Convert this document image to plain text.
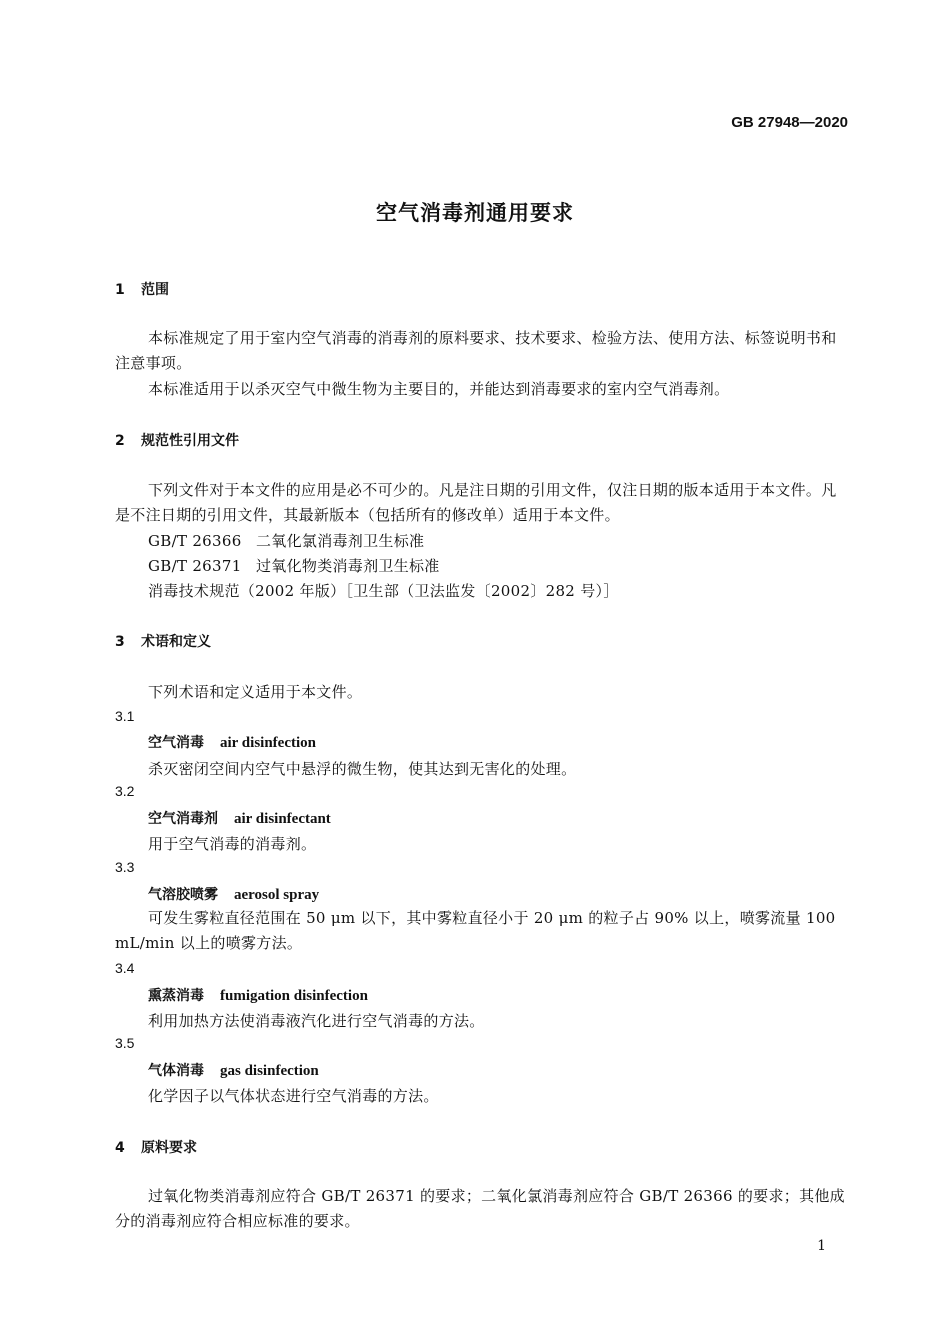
GB 27948—2020
空气消毒剂通用要求
1 范围
本标准规定了用于室内空气消毒的消毒剂的原料要求、技术要求、检验方法、使用方法、标签说明书和注意事项。
本标准适用于以杀灭空气中微生物为主要目的，并能达到消毒要求的室内空气消毒剂。
2 规范性引用文件
下列文件对于本文件的应用是必不可少的。凡是注日期的引用文件，仅注日期的版本适用于本文件。凡是不注日期的引用文件，其最新版本（包括所有的修改单）适用于本文件。
GB/T 26366 二氧化氯消毒剂卫生标准
GB/T 26371 过氧化物类消毒剂卫生标准
消毒技术规范（2002 年版）［卫生部（卫法监发〔2002〕282 号）］
3 术语和定义
下列术语和定义适用于本文件。
3.1
空气消毒 air disinfection
杀灭密闭空间内空气中悬浮的微生物，使其达到无害化的处理。
3.2
空气消毒剂 air disinfectant
用于空气消毒的消毒剂。
3.3
气溶胶喷雾 aerosol spray
可发生雾粒直径范围在 50 μm 以下，其中雾粒直径小于 20 μm 的粒子占 90% 以上，喷雾流量 100 mL/min 以上的喷雾方法。
3.4
熏蒸消毒 fumigation disinfection
利用加热方法使消毒液汽化进行空气消毒的方法。
3.5
气体消毒 gas disinfection
化学因子以气体状态进行空气消毒的方法。
4 原料要求
过氧化物类消毒剂应符合 GB/T 26371 的要求；二氧化氯消毒剂应符合 GB/T 26366 的要求；其他成分的消毒剂应符合相应标准的要求。
1
